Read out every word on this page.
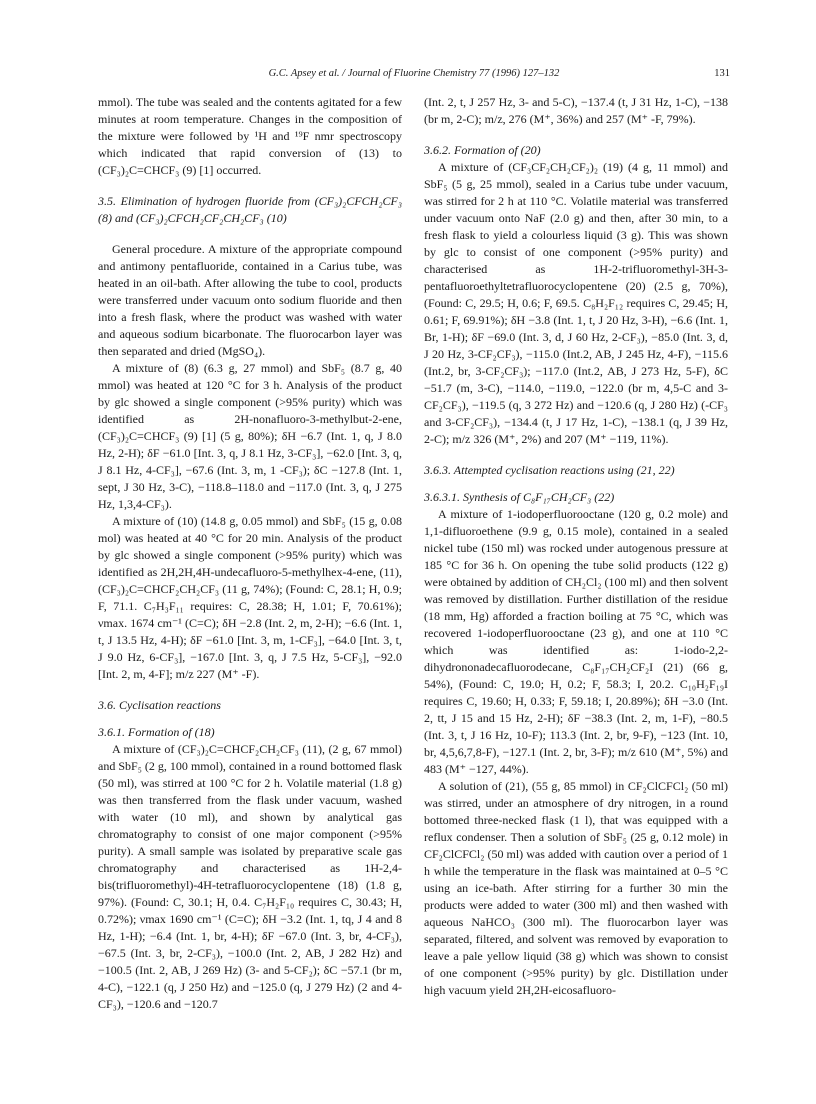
G.C. Apsey et al. / Journal of Fluorine Chemistry 77 (1996) 127–132	131

mmol). The tube was sealed and the contents agitated for a few minutes at room temperature. Changes in the composition of the mixture were followed by ¹H and ¹⁹F nmr spectroscopy which indicated that rapid conversion of (13) to (CF₃)₂C=CHCF₃ (9) [1] occurred.

3.5. Elimination of hydrogen fluoride from (CF₃)₂CFCH₂CF₃ (8) and (CF₃)₂CFCH₂CF₂CH₂CF₃ (10)

General procedure. A mixture of the appropriate compound and antimony pentafluoride, contained in a Carius tube, was heated in an oil-bath. After allowing the tube to cool, products were transferred under vacuum onto sodium fluoride and then into a fresh flask, where the product was washed with water and aqueous sodium bicarbonate. The fluorocarbon layer was then separated and dried (MgSO₄).

A mixture of (8) (6.3 g, 27 mmol) and SbF₅ (8.7 g, 40 mmol) was heated at 120 °C for 3 h. Analysis of the product by glc showed a single component (>95% purity) which was identified as 2H-nonafluoro-3-methylbut-2-ene, (CF₃)₂C=CHCF₃ (9) [1] (5 g, 80%); δH −6.7 (Int. 1, q, J 8.0 Hz, 2-H); δF −61.0 [Int. 3, q, J 8.1 Hz, 3-CF₃], −62.0 [Int. 3, q, J 8.1 Hz, 4-CF₃], −67.6 (Int. 3, m, 1 -CF₃); δC −127.8 (Int. 1, sept, J 30 Hz, 3-C), −118.8–118.0 and −117.0 (Int. 3, q, J 275 Hz, 1,3,4-CF₃).

A mixture of (10) (14.8 g, 0.05 mmol) and SbF₅ (15 g, 0.08 mol) was heated at 40 °C for 20 min. Analysis of the product by glc showed a single component (>95% purity) which was identified as 2H,2H,4H-undecafluoro-5-methylhex-4-ene, (11), (CF₃)₂C=CHCF₂CH₂CF₃ (11 g, 74%); (Found: C, 28.1; H, 0.9; F, 71.1. C₇H₃F₁₁ requires: C, 28.38; H, 1.01; F, 70.61%); νmax. 1674 cm⁻¹ (C=C); δH −2.8 (Int. 2, m, 2-H); −6.6 (Int. 1, t, J 13.5 Hz, 4-H); δF −61.0 [Int. 3, m, 1-CF₃], −64.0 [Int. 3, t, J 9.0 Hz, 6-CF₃], −167.0 [Int. 3, q, J 7.5 Hz, 5-CF₃], −92.0 [Int. 2, m, 4-F]; m/z 227 (M⁺ -F).

3.6. Cyclisation reactions
3.6.1. Formation of (18)

A mixture of (CF₃)₂C=CHCF₂CH₂CF₃ (11), (2 g, 67 mmol) and SbF₅ (2 g, 100 mmol), contained in a round bottomed flask (50 ml), was stirred at 100 °C for 2 h. Volatile material (1.8 g) was then transferred from the flask under vacuum, washed with water (10 ml), and shown by analytical gas chromatography to consist of one major component (>95% purity). A small sample was isolated by preparative scale gas chromatography and characterised as 1H-2,4-bis(trifluoromethyl)-4H-tetrafluorocyclopentene (18) (1.8 g, 97%). (Found: C, 30.1; H, 0.4. C₇H₂F₁₀ requires C, 30.43; H, 0.72%); νmax 1690 cm⁻¹ (C=C); δH −3.2 (Int. 1, tq, J 4 and 8 Hz, 1-H); −6.4 (Int. 1, br, 4-H); δF −67.0 (Int. 3, br, 4-CF₃), −67.5 (Int. 3, br, 2-CF₃), −100.0 (Int. 2, AB, J 282 Hz) and −100.5 (Int. 2, AB, J 269 Hz) (3- and 5-CF₂); δC −57.1 (br m, 4-C), −122.1 (q, J 250 Hz) and −125.0 (q, J 279 Hz) (2 and 4-CF₃), −120.6 and −120.7

(Int. 2, t, J 257 Hz, 3- and 5-C), −137.4 (t, J 31 Hz, 1-C), −138 (br m, 2-C); m/z, 276 (M⁺, 36%) and 257 (M⁺ -F, 79%).

3.6.2. Formation of (20)

A mixture of (CF₃CF₂CH₂CF₂)₂ (19) (4 g, 11 mmol) and SbF₅ (5 g, 25 mmol), sealed in a Carius tube under vacuum, was stirred for 2 h at 110 °C. Volatile material was transferred under vacuum onto NaF (2.0 g) and then, after 30 min, to a fresh flask to yield a colourless liquid (3 g). This was shown by glc to consist of one component (>95% purity) and characterised as 1H-2-trifluoromethyl-3H-3-pentafluoroethyltetrafluorocyclopentene (20) (2.5 g, 70%), (Found: C, 29.5; H, 0.6; F, 69.5. C₈H₂F₁₂ requires C, 29.45; H, 0.61; F, 69.91%); δH −3.8 (Int. 1, t, J 20 Hz, 3-H), −6.6 (Int. 1, Br, 1-H); δF −69.0 (Int. 3, d, J 60 Hz, 2-CF₃), −85.0 (Int. 3, d, J 20 Hz, 3-CF₂CF₃), −115.0 (Int.2, AB, J 245 Hz, 4-F), −115.6 (Int.2, br, 3-CF₂CF₃); −117.0 (Int.2, AB, J 273 Hz, 5-F), δC −51.7 (m, 3-C), −114.0, −119.0, −122.0 (br m, 4,5-C and 3-CF₂CF₃), −119.5 (q, 3 272 Hz) and −120.6 (q, J 280 Hz) (-CF₃ and 3-CF₂CF₃), −134.4 (t, J 17 Hz, 1-C), −138.1 (q, J 39 Hz, 2-C); m/z 326 (M⁺, 2%) and 207 (M⁺ −119, 11%).

3.6.3. Attempted cyclisation reactions using (21, 22)
3.6.3.1. Synthesis of C₈F₁₇CH₂CF₃ (22)

A mixture of 1-iodoperfluorooctane (120 g, 0.2 mole) and 1,1-difluoroethene (9.9 g, 0.15 mole), contained in a sealed nickel tube (150 ml) was rocked under autogenous pressure at 185 °C for 36 h. On opening the tube solid products (122 g) were obtained by addition of CH₂Cl₂ (100 ml) and then solvent was removed by distillation. Further distillation of the residue (18 mm, Hg) afforded a fraction boiling at 75 °C, which was recovered 1-iodoperfluorooctane (23 g), and one at 110 °C which was identified as: 1-iodo-2,2-dihydrononadecafluorodecane, C₈F₁₇CH₂CF₂I (21) (66 g, 54%), (Found: C, 19.0; H, 0.2; F, 58.3; I, 20.2. C₁₀H₂F₁₉I requires C, 19.60; H, 0.33; F, 59.18; I, 20.89%); δH −3.0 (Int. 2, tt, J 15 and 15 Hz, 2-H); δF −38.3 (Int. 2, m, 1-F), −80.5 (Int. 3, t, J 16 Hz, 10-F); 113.3 (Int. 2, br, 9-F), −123 (Int. 10, br, 4,5,6,7,8-F), −127.1 (Int. 2, br, 3-F); m/z 610 (M⁺, 5%) and 483 (M⁺ −127, 44%).

A solution of (21), (55 g, 85 mmol) in CF₂ClCFCl₂ (50 ml) was stirred, under an atmosphere of dry nitrogen, in a round bottomed three-necked flask (1 l), that was equipped with a reflux condenser. Then a solution of SbF₅ (25 g, 0.12 mole) in CF₂ClCFCl₂ (50 ml) was added with caution over a period of 1 h while the temperature in the flask was maintained at 0–5 °C using an ice-bath. After stirring for a further 30 min the products were added to water (300 ml) and then washed with aqueous NaHCO₃ (300 ml). The fluorocarbon layer was separated, filtered, and solvent was removed by evaporation to leave a pale yellow liquid (38 g) which was shown to consist of one component (>95% purity) by glc. Distillation under high vacuum yield 2H,2H-eicosafluoro-
